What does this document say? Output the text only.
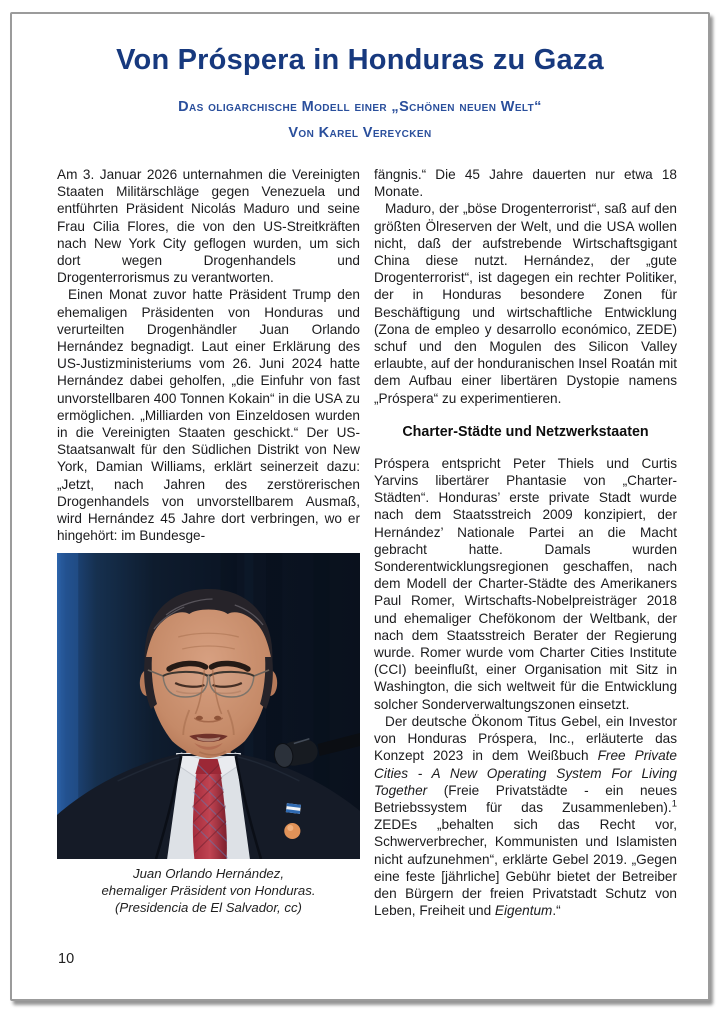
Von Próspera in Honduras zu Gaza
Das oligarchische Modell einer „Schönen neuen Welt“
Von Karel Vereycken

Am 3. Januar 2026 unternahmen die Vereinigten Staaten Militärschläge gegen Venezuela und entführten Präsident Nicolás Maduro und seine Frau Cilia Flores, die von den US-Streitkräften nach New York City geflogen wurden, um sich dort wegen Drogenhandels und Drogenterrorismus zu verantworten.

Einen Monat zuvor hatte Präsident Trump den ehemaligen Präsidenten von Honduras und verurteilten Drogenhändler Juan Orlando Hernández begnadigt. Laut einer Erklärung des US-Justizministeriums vom 26. Juni 2024 hatte Hernández dabei geholfen, „die Einfuhr von fast unvorstellbaren 400 Tonnen Kokain“ in die USA zu ermöglichen. „Milliarden von Einzeldosen wurden in die Vereinigten Staaten geschickt.“ Der US-Staatsanwalt für den Südlichen Distrikt von New York, Damian Williams, erklärt seinerzeit dazu: „Jetzt, nach Jahren des zerstörerischen Drogenhandels von unvorstellbarem Ausmaß, wird Hernández 45 Jahre dort verbringen, wo er hingehört: im Bundesge-

Juan Orlando Hernández,
ehemaliger Präsident von Honduras.
(Presidencia de El Salvador, cc)

fängnis.“ Die 45 Jahre dauerten nur etwa 18 Monate.

Maduro, der „böse Drogenterrorist“, saß auf den größten Ölreserven der Welt, und die USA wollen nicht, daß der aufstrebende Wirtschaftsgigant China diese nutzt. Hernández, der „gute Drogenterrorist“, ist dagegen ein rechter Politiker, der in Honduras besondere Zonen für Beschäftigung und wirtschaftliche Entwicklung (Zona de empleo y desarrollo económico, ZEDE) schuf und den Mogulen des Silicon Valley erlaubte, auf der honduranischen Insel Roatán mit dem Aufbau einer libertären Dystopie namens „Próspera“ zu experimentieren.

Charter-Städte und Netzwerkstaaten

Próspera entspricht Peter Thiels und Curtis Yarvins libertärer Phantasie von „Charter-Städten“. Honduras’ erste private Stadt wurde nach dem Staatsstreich 2009 konzipiert, der Hernández’ Nationale Partei an die Macht gebracht hatte. Damals wurden Sonderentwicklungsregionen geschaffen, nach dem Modell der Charter-Städte des Amerikaners Paul Romer, Wirtschafts-Nobelpreisträger 2018 und ehemaliger Chefökonom der Weltbank, der nach dem Staatsstreich Berater der Regierung wurde. Romer wurde vom Charter Cities Institute (CCI) beeinflußt, einer Organisation mit Sitz in Washington, die sich weltweit für die Entwicklung solcher Sonderverwaltungszonen einsetzt.

Der deutsche Ökonom Titus Gebel, ein Investor von Honduras Próspera, Inc., erläuterte das Konzept 2023 in dem Weißbuch Free Private Cities - A New Operating System For Living Together (Freie Privatstädte - ein neues Betriebssystem für das Zusammenleben).$^1$ ZEDEs „behalten sich das Recht vor, Schwerverbrecher, Kommunisten und Islamisten nicht aufzunehmen“, erklärte Gebel 2019. „Gegen eine feste [jährliche] Gebühr bietet der Betreiber den Bürgern der freien Privatstadt Schutz von Leben, Freiheit und Eigentum.“

10
